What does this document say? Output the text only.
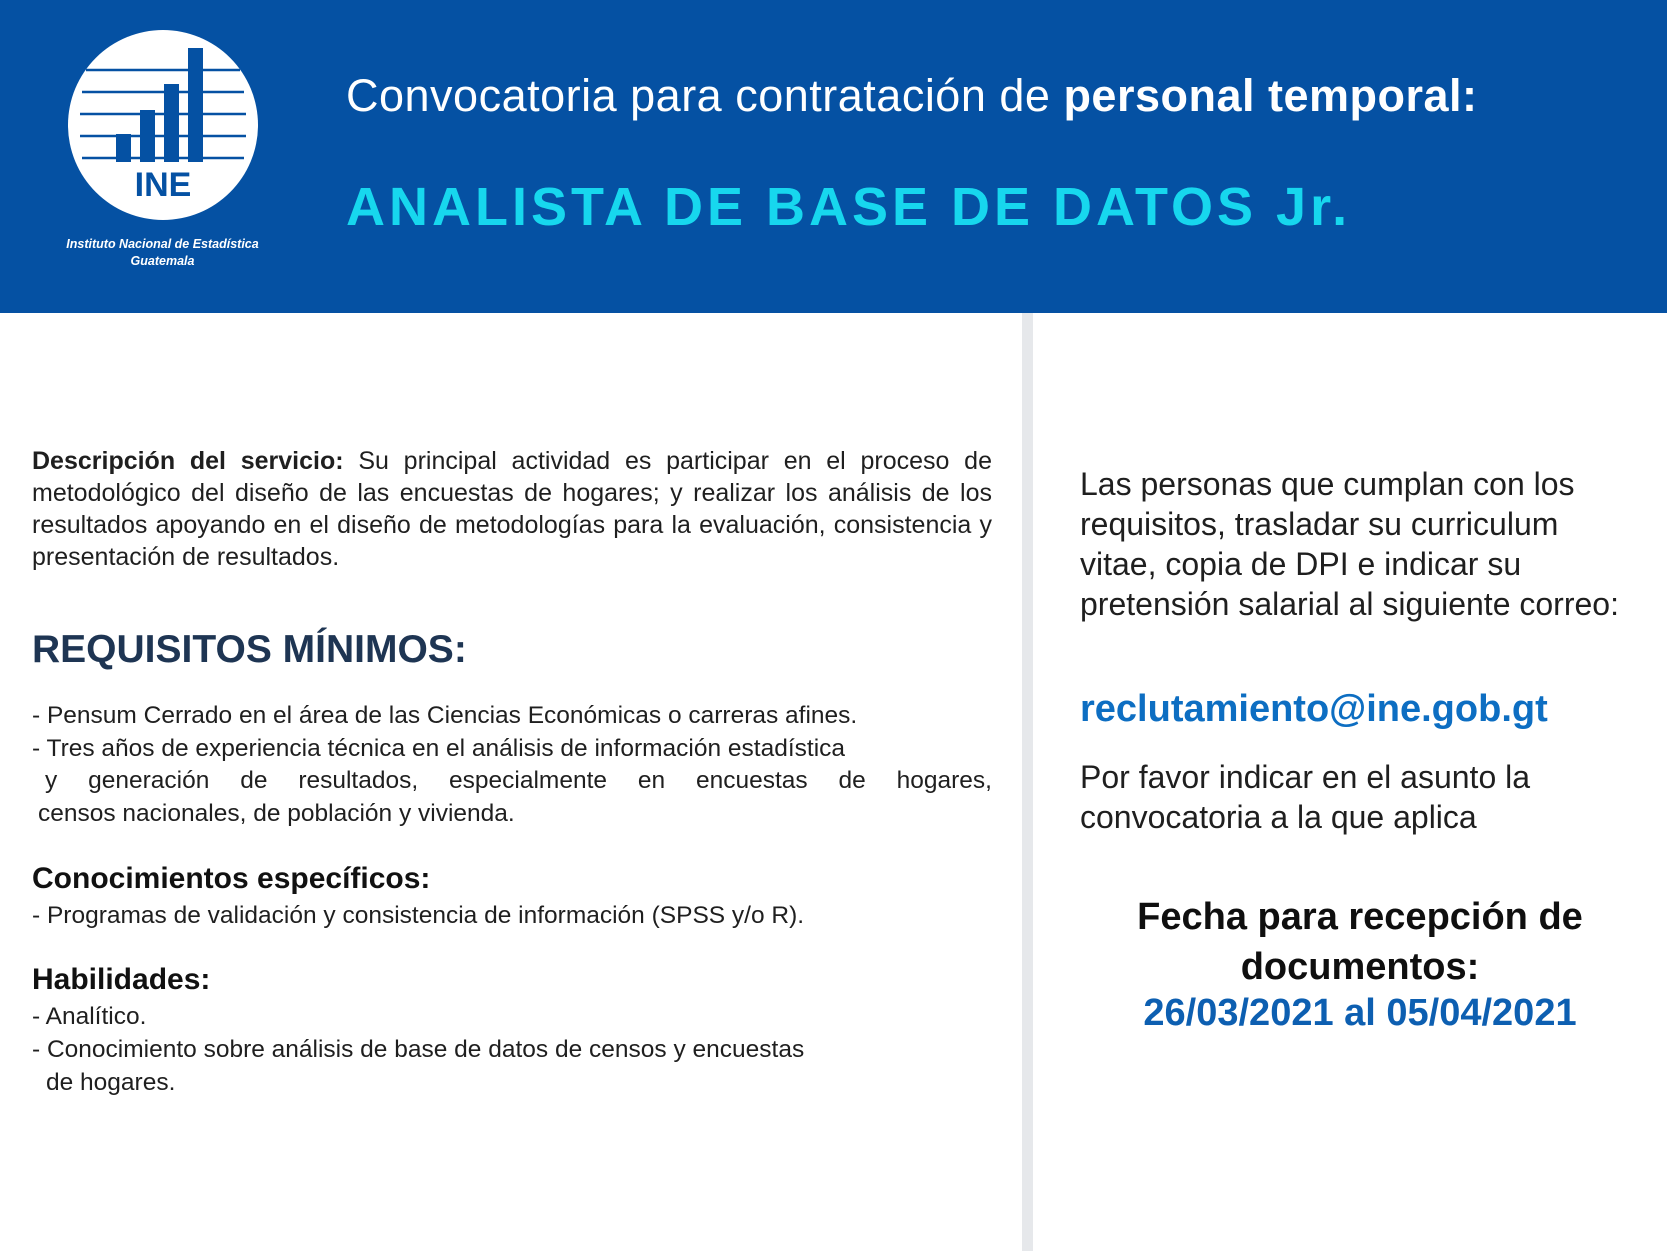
INE
Instituto Nacional de Estadística
Guatemala
Convocatoria para contratación de personal temporal:
ANALISTA DE BASE DE DATOS Jr.
Descripción del servicio: Su principal actividad es participar en el proceso de metodológico del diseño de las encuestas de hogares; y realizar los análisis de los resultados apoyando en el diseño de metodologías para la evaluación, consistencia y presentación de resultados.
REQUISITOS MÍNIMOS:
- Pensum Cerrado en el área de las Ciencias Económicas o carreras afines.
- Tres años de experiencia técnica en el análisis de información estadística
y generación de resultados, especialmente en encuestas de hogares,
censos nacionales, de población y vivienda.
Conocimientos específicos:
- Programas de validación y consistencia de información (SPSS y/o R).
Habilidades:
- Analítico.
- Conocimiento sobre análisis de base de datos de censos y encuestas
de hogares.
Las personas que cumplan con los requisitos, trasladar su curriculum vitae, copia de DPI e indicar su pretensión salarial al siguiente correo:
reclutamiento@ine.gob.gt
Por favor indicar en el asunto la convocatoria a la que aplica
Fecha para recepción de
documentos:
26/03/2021 al 05/04/2021
